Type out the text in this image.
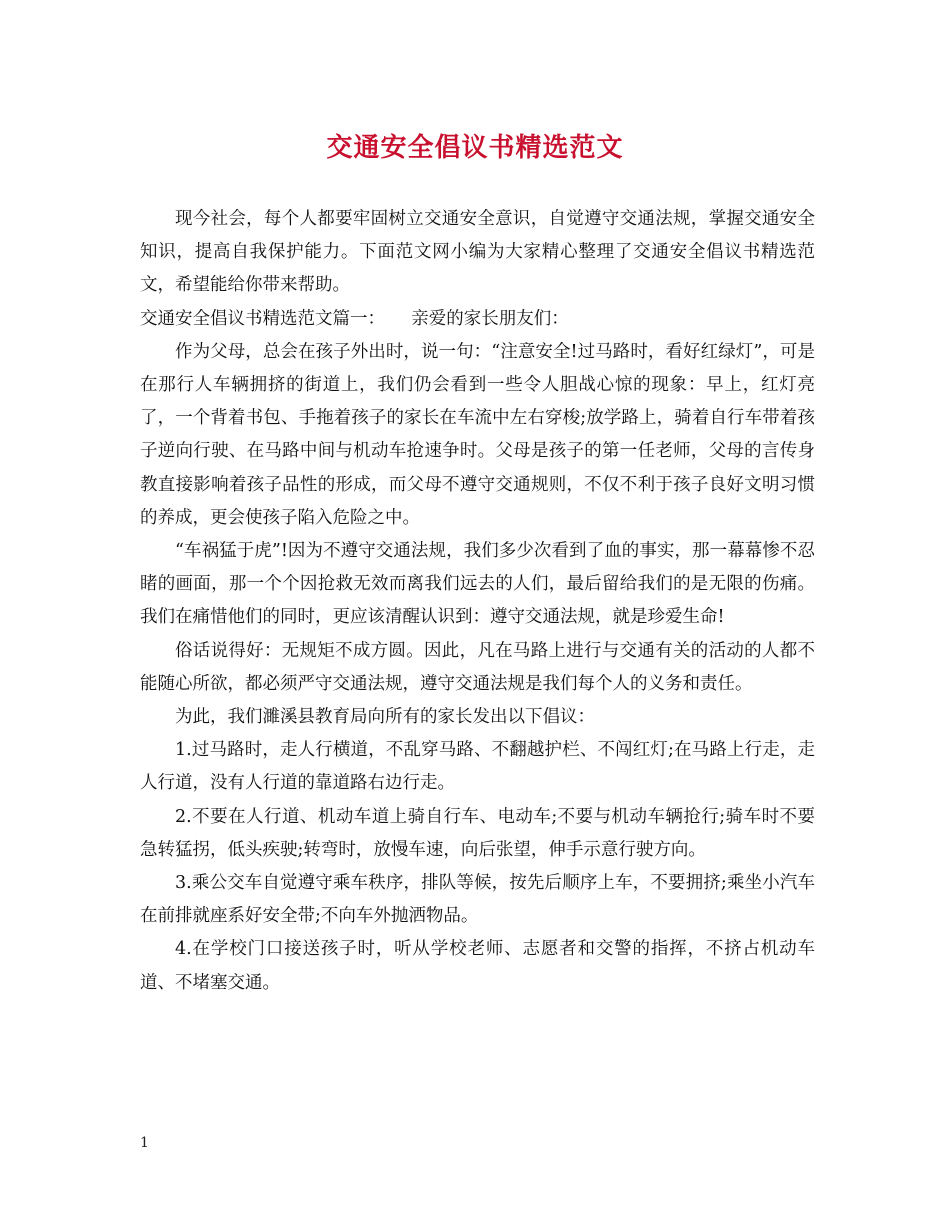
交通安全倡议书精选范文

现今社会，每个人都要牢固树立交通安全意识，自觉遵守交通法规，掌握交通安全知识，提高自我保护能力。下面范文网小编为大家精心整理了交通安全倡议书精选范文，希望能给你带来帮助。

交通安全倡议书精选范文篇一： 亲爱的家长朋友们：

作为父母，总会在孩子外出时，说一句：“注意安全!过马路时，看好红绿灯”，可是在那行人车辆拥挤的街道上，我们仍会看到一些令人胆战心惊的现象：早上，红灯亮了，一个背着书包、手拖着孩子的家长在车流中左右穿梭;放学路上，骑着自行车带着孩子逆向行驶、在马路中间与机动车抢速争时。父母是孩子的第一任老师，父母的言传身教直接影响着孩子品性的形成，而父母不遵守交通规则，不仅不利于孩子良好文明习惯的养成，更会使孩子陷入危险之中。

“车祸猛于虎”!因为不遵守交通法规，我们多少次看到了血的事实，那一幕幕惨不忍睹的画面，那一个个因抢救无效而离我们远去的人们，最后留给我们的是无限的伤痛。我们在痛惜他们的同时，更应该清醒认识到：遵守交通法规，就是珍爱生命!

俗话说得好：无规矩不成方圆。因此，凡在马路上进行与交通有关的活动的人都不能随心所欲，都必须严守交通法规，遵守交通法规是我们每个人的义务和责任。

为此，我们濉溪县教育局向所有的家长发出以下倡议：

1.过马路时，走人行横道，不乱穿马路、不翻越护栏、不闯红灯;在马路上行走，走人行道，没有人行道的靠道路右边行走。

2.不要在人行道、机动车道上骑自行车、电动车;不要与机动车辆抢行;骑车时不要急转猛拐，低头疾驶;转弯时，放慢车速，向后张望，伸手示意行驶方向。

3.乘公交车自觉遵守乘车秩序，排队等候，按先后顺序上车，不要拥挤;乘坐小汽车在前排就座系好安全带;不向车外抛洒物品。

4.在学校门口接送孩子时，听从学校老师、志愿者和交警的指挥，不挤占机动车道、不堵塞交通。

1
